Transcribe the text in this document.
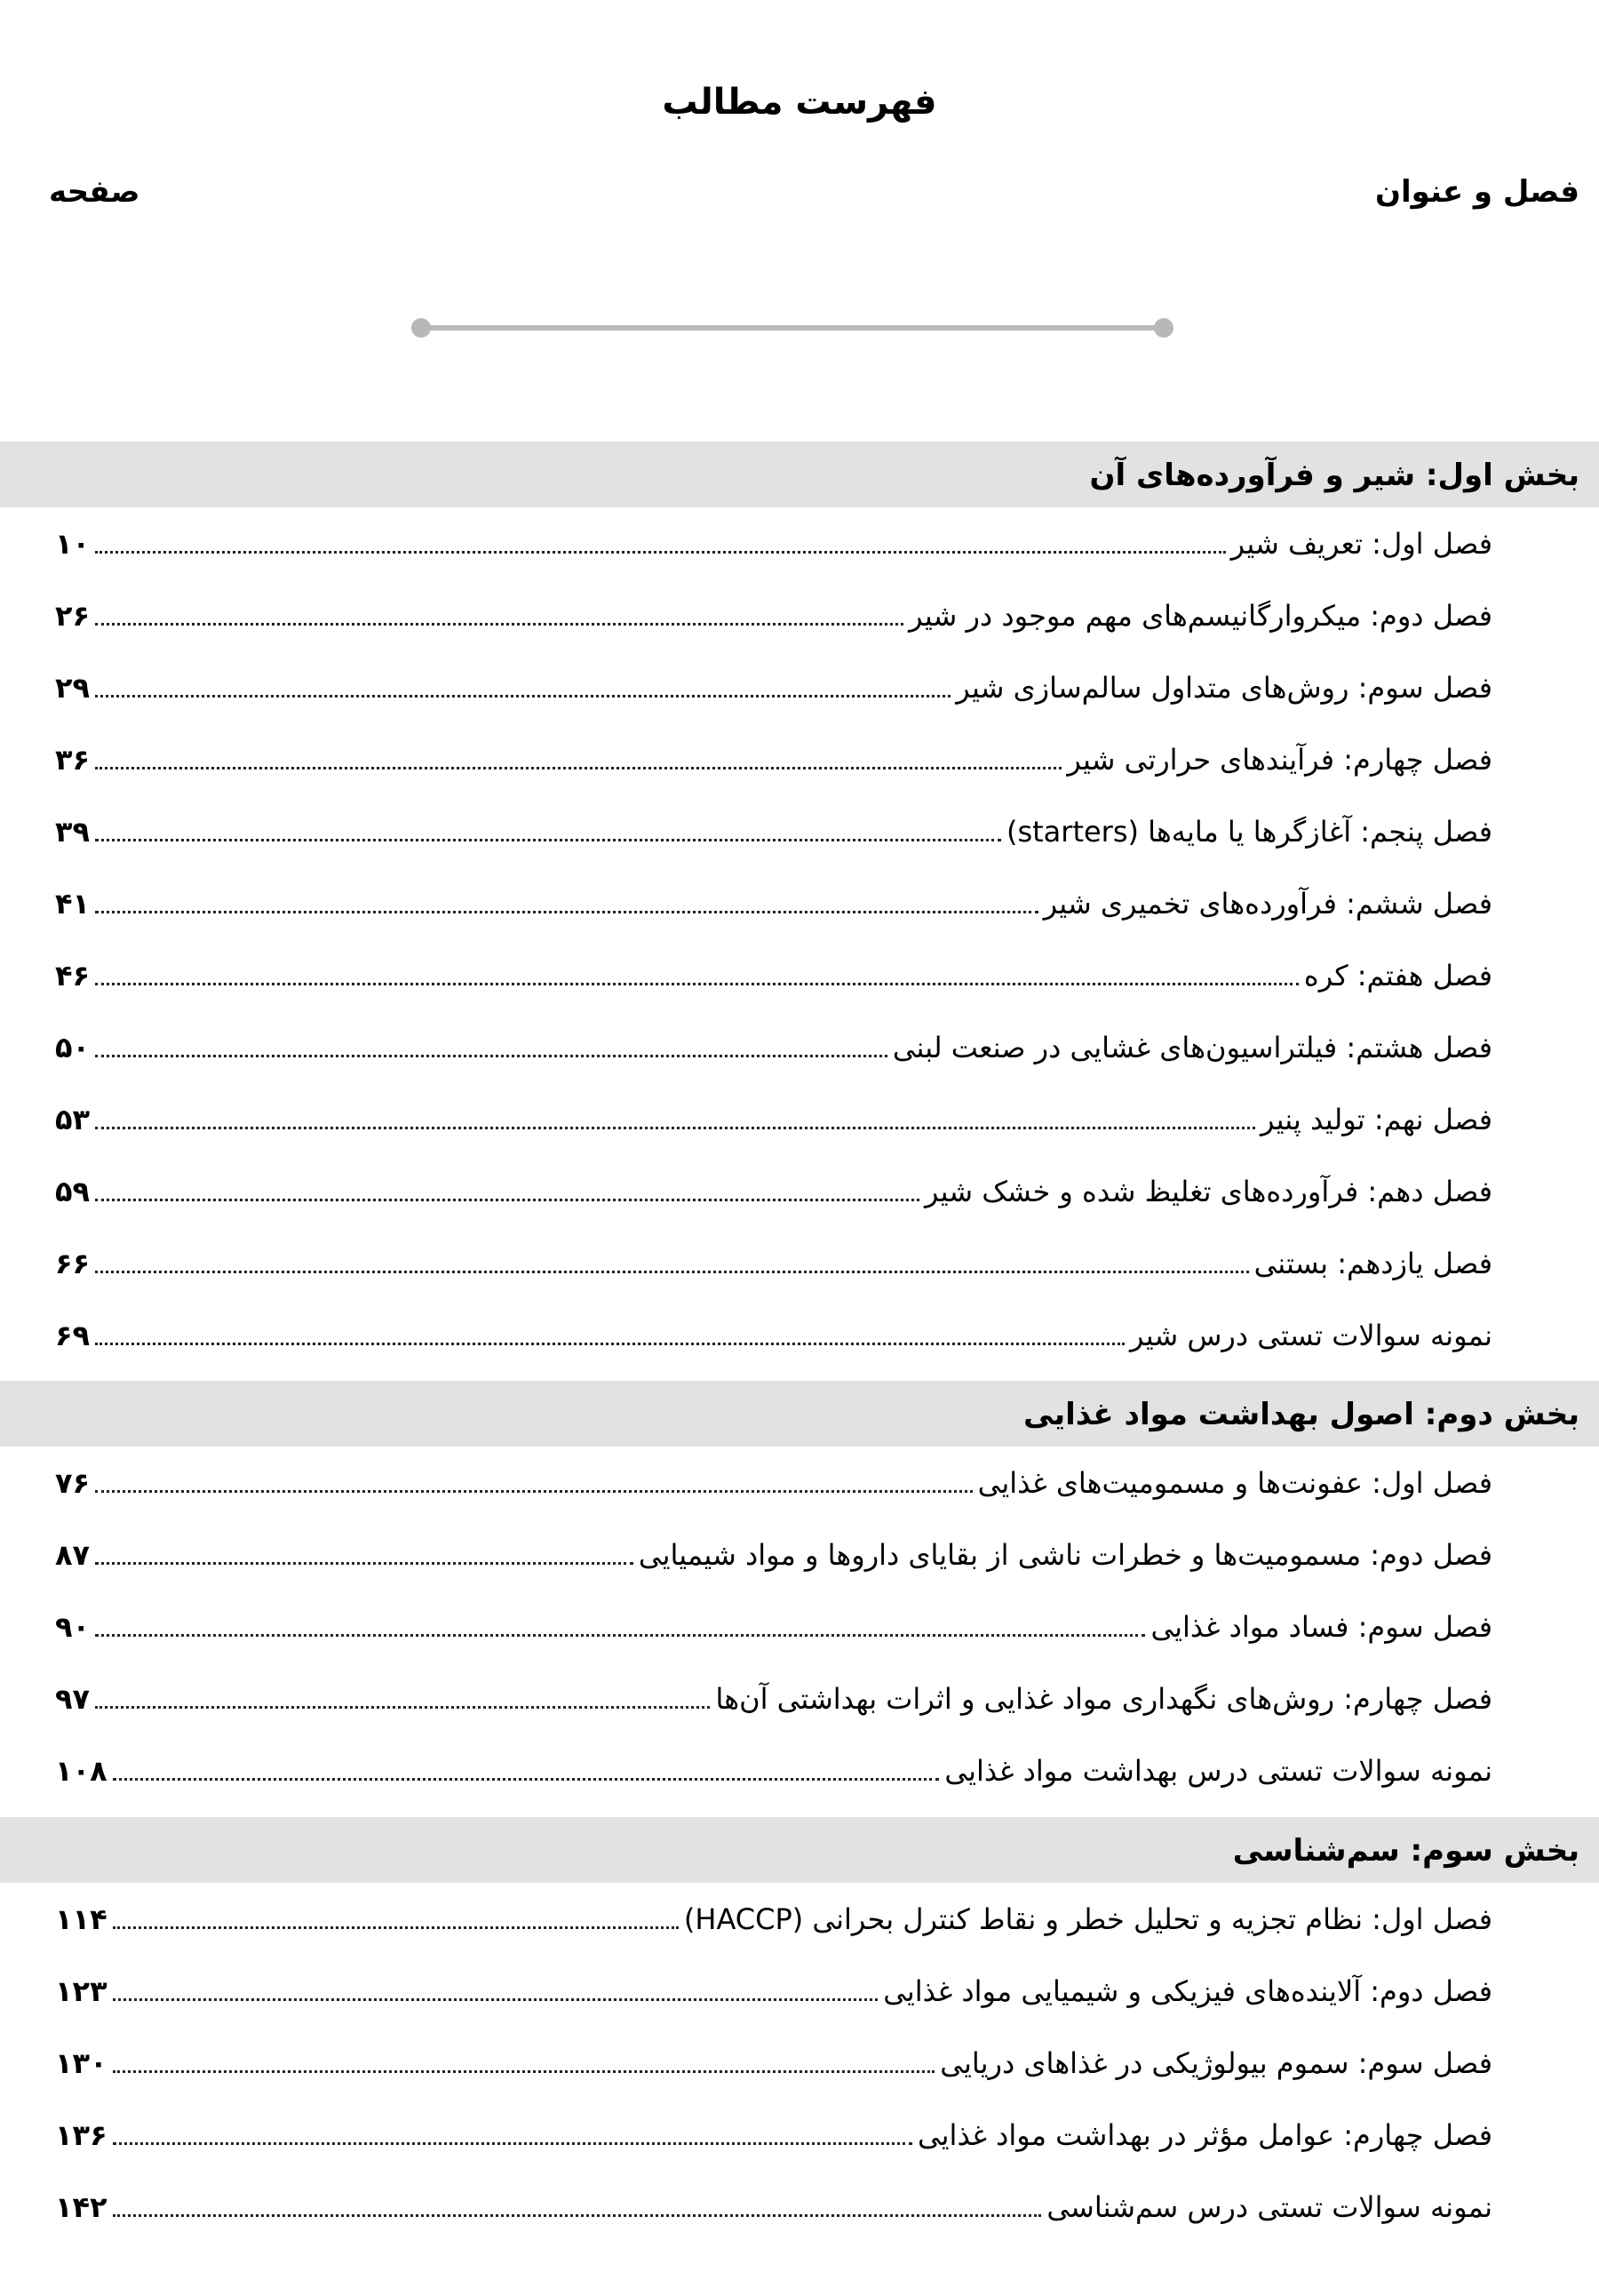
فهرست مطالب
فصل و عنوان
صفحه
بخش اول: شیر و فرآورده‌های آن
فصل اول: تعریف شیر
۱۰
فصل دوم: میکروارگانیسم‌های مهم موجود در شیر
۲۶
فصل سوم: روش‌های متداول سالم‌سازی شیر
۲۹
فصل چهارم: فرآیندهای حرارتی شیر
۳۶
فصل پنجم: آغازگرها یا مایه‌ها (starters)
۳۹
فصل ششم: فرآورده‌های تخمیری شیر
۴۱
فصل هفتم: کره
۴۶
فصل هشتم: فیلتراسیون‌های غشایی در صنعت لبنی
۵۰
فصل نهم: تولید پنیر
۵۳
فصل دهم: فرآورده‌های تغلیظ شده و خشک شیر
۵۹
فصل یازدهم: بستنی
۶۶
نمونه سوالات تستی درس شیر
۶۹
بخش دوم: اصول بهداشت مواد غذایی
فصل اول: عفونت‌ها و مسمومیت‌های غذایی
۷۶
فصل دوم: مسمومیت‌ها و خطرات ناشی از بقایای داروها و مواد شیمیایی
۸۷
فصل سوم: فساد مواد غذایی
۹۰
فصل چهارم: روش‌های نگهداری مواد غذایی و اثرات بهداشتی آن‌ها
۹۷
نمونه سوالات تستی درس بهداشت مواد غذایی
۱۰۸
بخش سوم: سم‌شناسی
فصل اول: نظام تجزیه و تحلیل خطر و نقاط کنترل بحرانی (HACCP)
۱۱۴
فصل دوم: آلاینده‌های فیزیکی و شیمیایی مواد غذایی
۱۲۳
فصل سوم: سموم بیولوژیکی در غذاهای دریایی
۱۳۰
فصل چهارم: عوامل مؤثر در بهداشت مواد غذایی
۱۳۶
نمونه سوالات تستی درس سم‌شناسی
۱۴۲
